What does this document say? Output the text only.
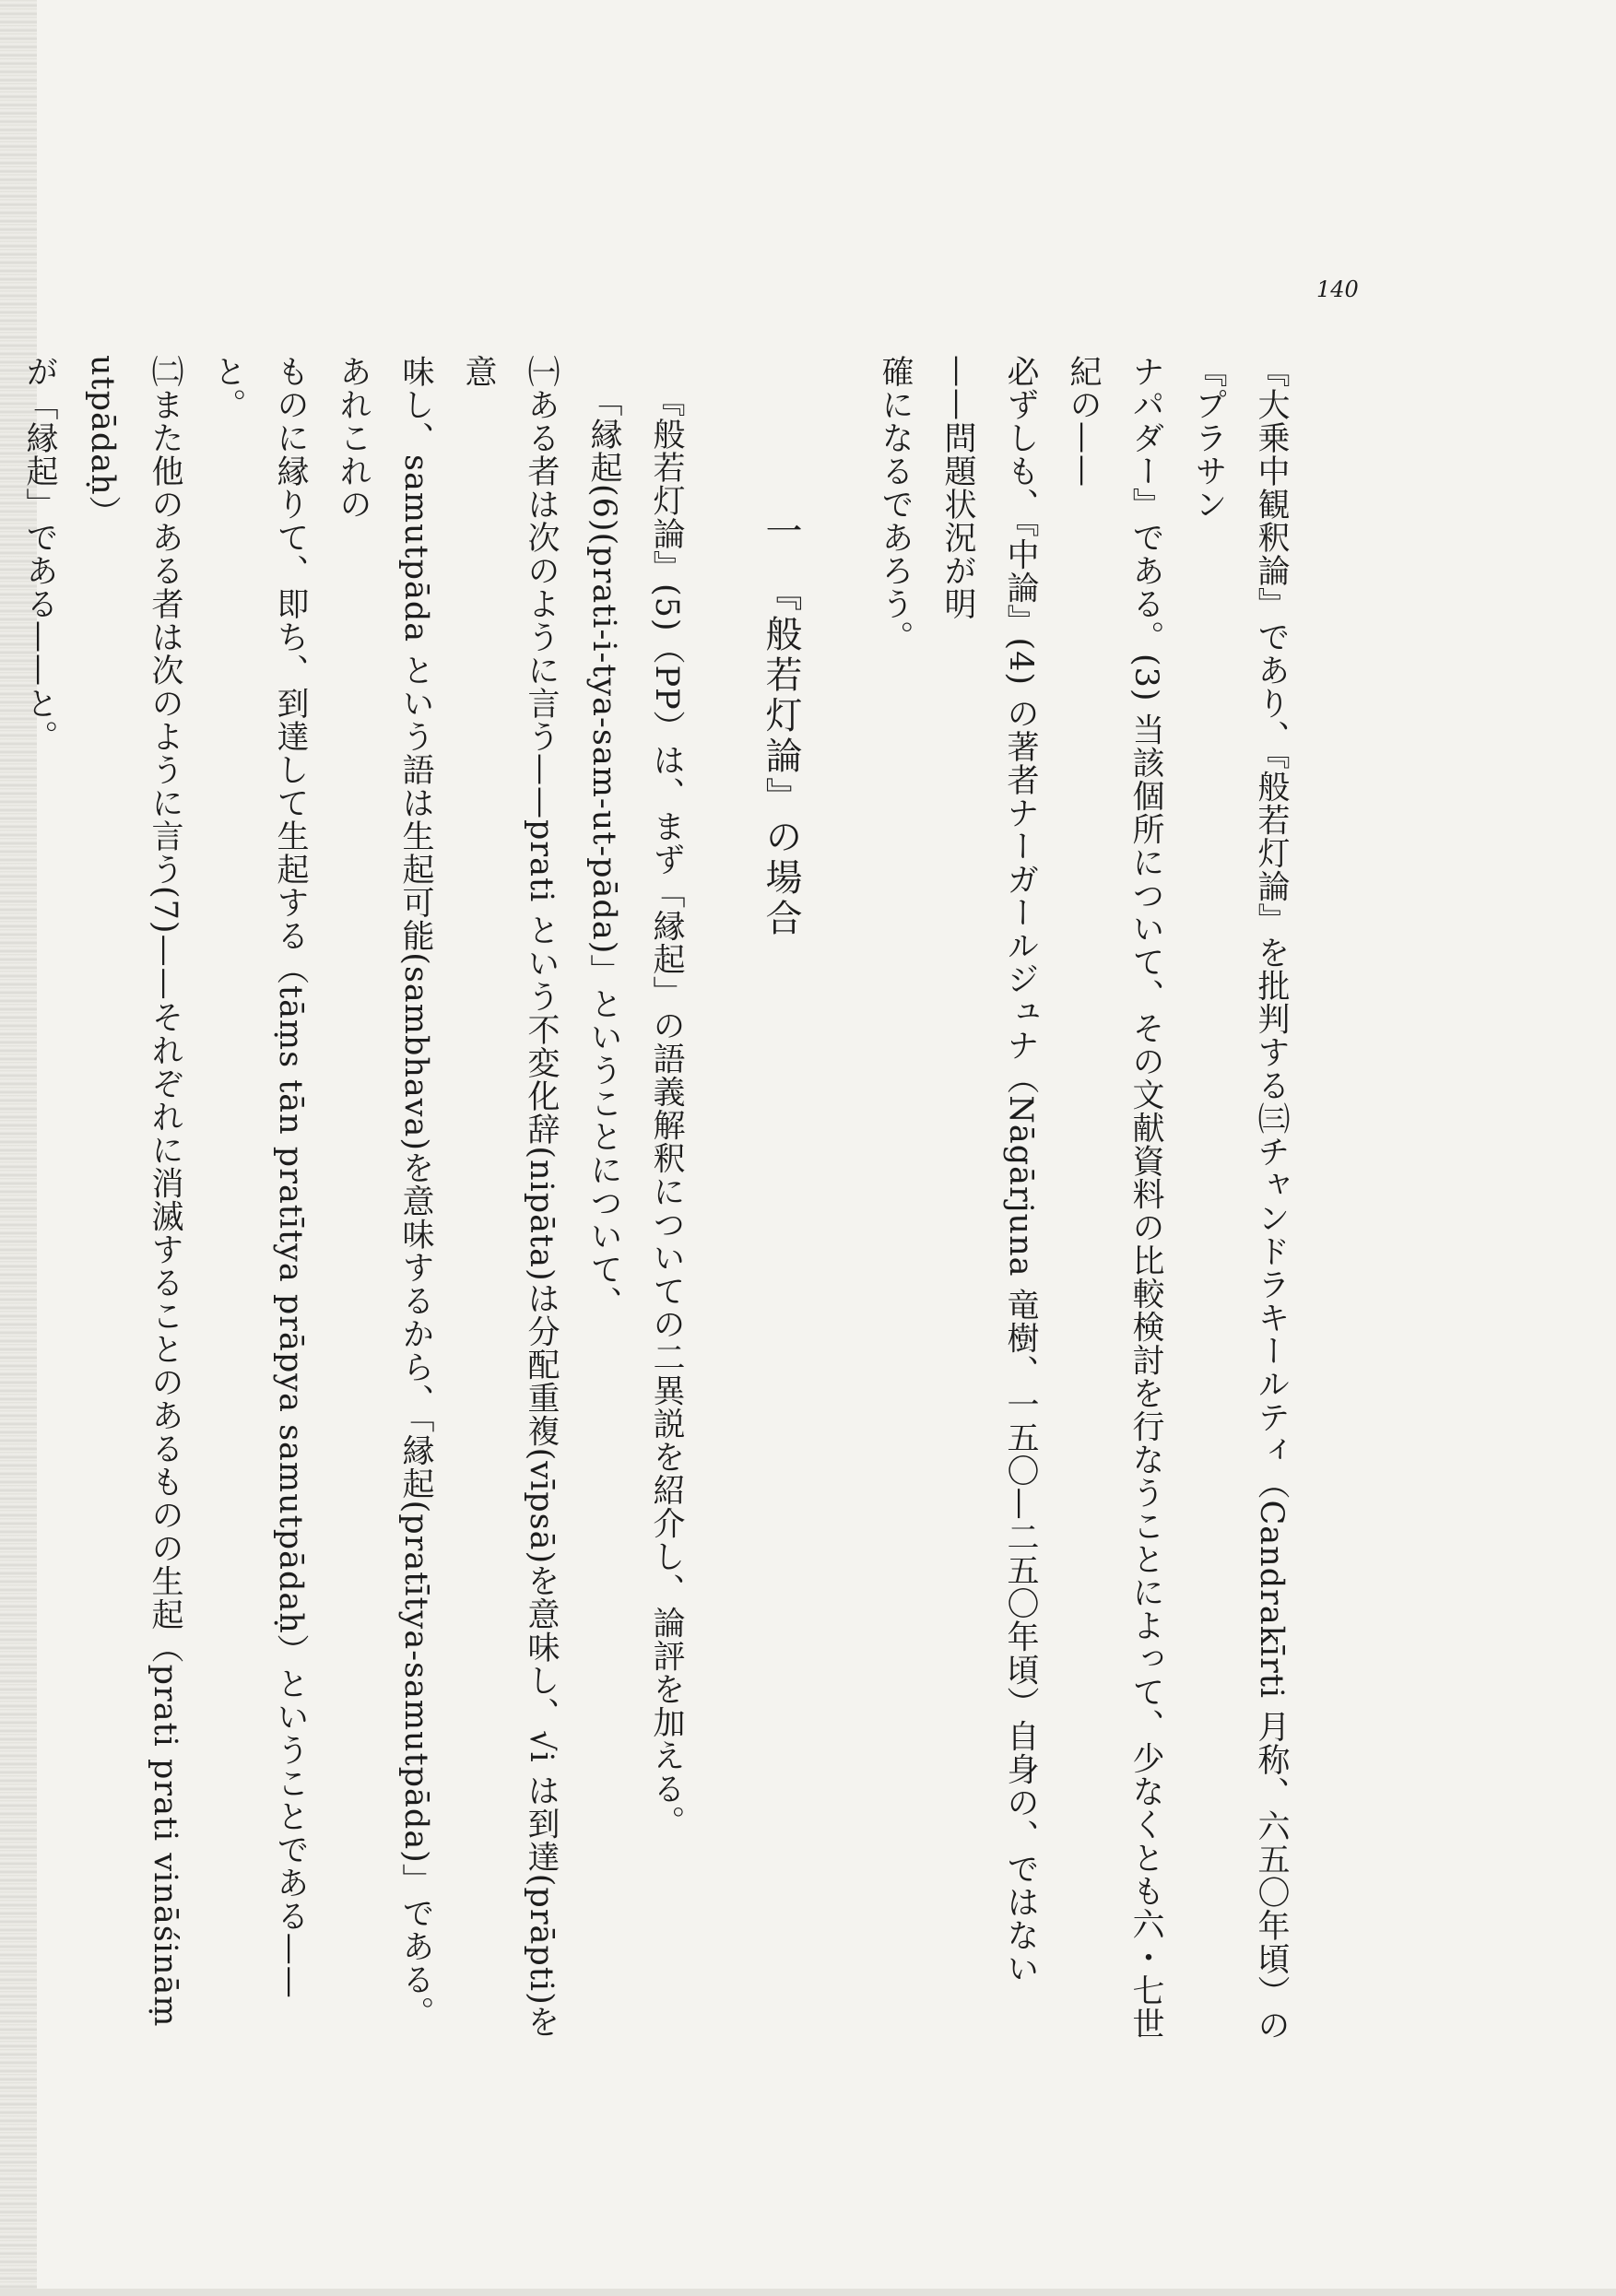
140

『大乗中観釈論』であり、『般若灯論』を批判する㈢チャンドラキールティ（Candrakīrti 月称、六五〇年頃）の『プラサン

ナパダー』である。(3) 当該個所について、その文献資料の比較検討を行なうことによって、少なくとも六・七世紀の——

必ずしも、『中論』(4) の著者ナーガールジュナ（Nāgārjuna 竜樹、一五〇—二五〇年頃）自身の、ではない——問題状況が明

確になるであろう。

一　『般若灯論』の場合

『般若灯論』(5)（PP）は、まず「縁起」の語義解釈についての二異説を紹介し、論評を加える。

「縁起(6)(prati-i-tya-sam-ut-pāda)」ということについて、

㈠ある者は次のように言う——prati という不変化辞(nipāta)は分配重複(vīpsā)を意味し、√i は到達(prāpti)を意

味し、samutpāda という語は生起可能(sambhava)を意味するから、「縁起(pratītya-samutpāda)」である。あれこれの

ものに縁りて、即ち、到達して生起する（tāṃs tān pratītya prāpya samutpādaḥ）ということである——と。

㈡また他のある者は次のように言う(7)——それぞれに消滅することのあるものの生起（prati prati vināśināṃ utpādaḥ）

が「縁起」である——と。
